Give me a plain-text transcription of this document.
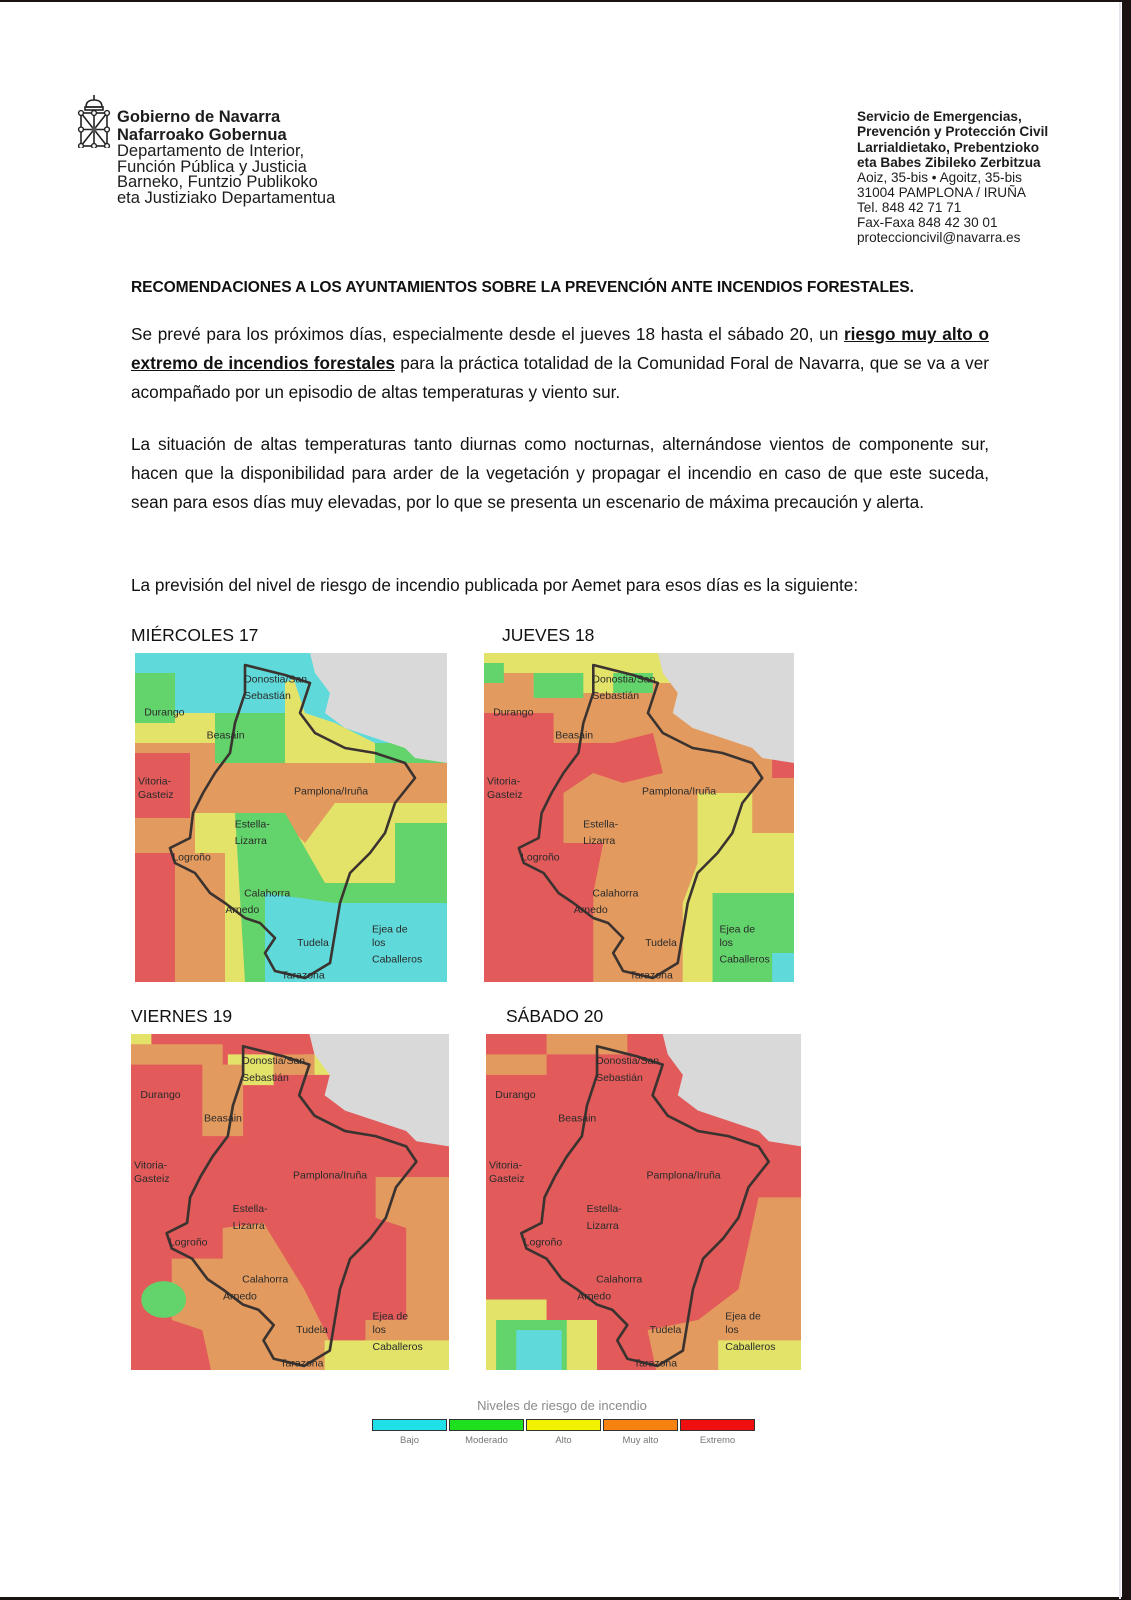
Gobierno de Navarra
Nafarroako Gobernua
Departamento de Interior,
Función Pública y Justicia
Barneko, Funtzio Publikoko
eta Justiziako Departamentua
Servicio de Emergencias,
Prevención y Protección Civil
Larrialdietako, Prebentzioko
eta Babes Zibileko Zerbitzua
Aoiz, 35-bis • Agoitz, 35-bis
31004 PAMPLONA / IRUÑA
Tel. 848 42 71 71
Fax-Faxa 848 42 30 01
proteccioncivil@navarra.es
RECOMENDACIONES A LOS AYUNTAMIENTOS SOBRE LA PREVENCIÓN ANTE INCENDIOS FORESTALES.
Se prevé para los próximos días, especialmente desde el jueves 18 hasta el sábado 20, un riesgo muy alto o extremo de incendios forestales para la práctica totalidad de la Comunidad Foral de Navarra, que se va a ver acompañado por un episodio de altas temperaturas y viento sur.
La situación de altas temperaturas tanto diurnas como nocturnas, alternándose vientos de componente sur, hacen que la disponibilidad para arder de la vegetación y propagar el incendio en caso de que este suceda, sean para esos días muy elevadas, por lo que se presenta un escenario de máxima precaución y alerta.
La previsión del nivel de riesgo de incendio publicada por Aemet para esos días es la siguiente:
MIÉRCOLES 17	JUEVES 18
VIERNES 19	SÁBADO 20
Donostia/San
Sebastián
Durango
Beasain
Vitoria-
Gasteiz	Pamplona/Iruña
Estella-
Lizarra
Logroño
Calahorra
Arnedo
Tudela
Ejea de
los
Caballeros
Tarazona
Donostia/San
Sebastián
Durango
Beasain
Vitoria-
Gasteiz	Pamplona/Iruña
Estella-
Lizarra
Logroño
Calahorra
Arnedo
Tudela
Ejea de
los
Caballeros
Tarazona
Donostia/San
Sebastián
Durango
Beasain
Vitoria-
Gasteiz	Pamplona/Iruña
Estella-
Lizarra
Logroño
Calahorra
Arnedo
Tudela
Ejea de
los
Caballeros
Tarazona
Donostia/San
Sebastián
Durango
Beasain
Vitoria-
Gasteiz	Pamplona/Iruña
Estella-
Lizarra
Logroño
Calahorra
Arnedo
Tudela
Ejea de
los
Caballeros
Tarazona
Niveles de riesgo de incendio
Bajo	Moderado	Alto	Muy alto	Extremo
